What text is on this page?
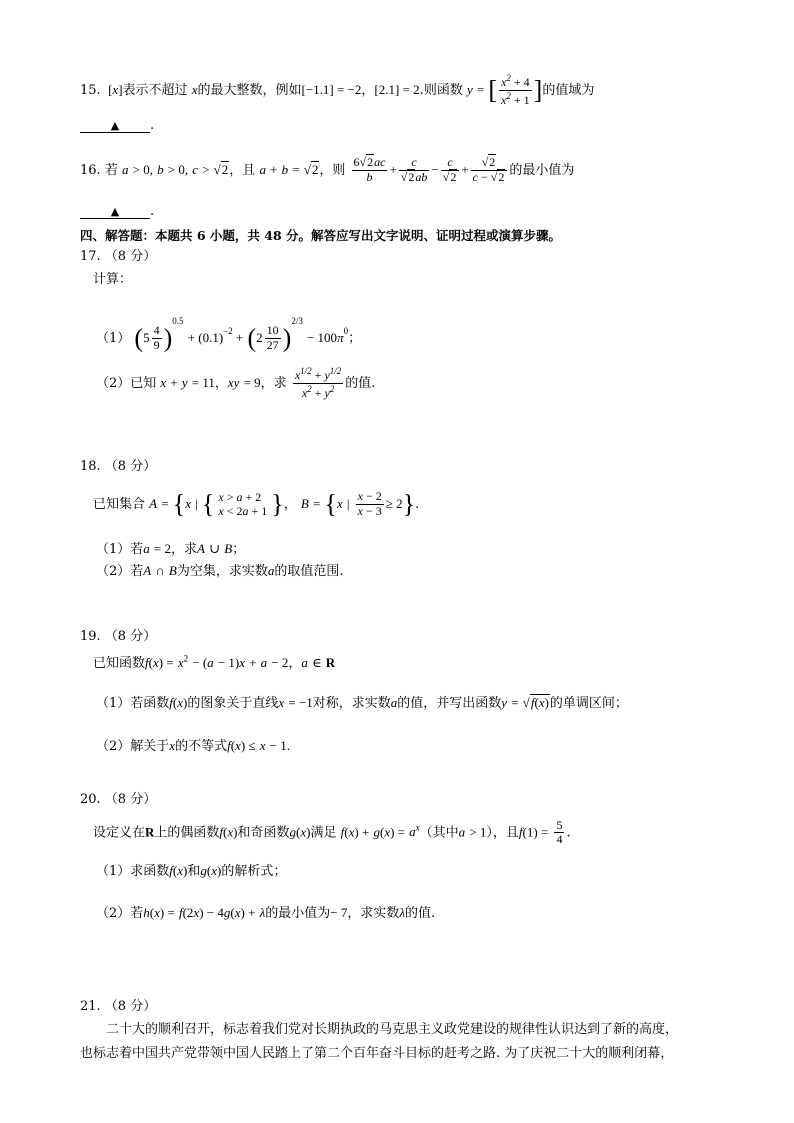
15.  [x]表示不超过 x的最大整数，例如[−1.1] = −2，[2.1] = 2.则函数 y = [ $\frac{x^2 + 4}{x^2 + 1}$ ]的值域为
▲ .
16. 若 a > 0, b > 0, c > √2，且 a + b = √2，则 $\frac{6√2ac}{b} + \frac{c}{√2ab} - \frac{c}{√2} + \frac{√2}{c - √2}$ 的最小值为
▲ .
四、解答题：本题共 6 小题，共 48 分。解答应写出文字说明、证明过程或演算步骤。
17. （8 分）
计算：
（1） $(5 \frac{4}{9} )^{0.5} + (0.1)^{-2} + (2 \frac{10}{27} )^{2/3} - 100\pi^0$；
（2）已知 x + y = 11，xy = 9，求 $\frac{x^{1/2} + y^{1/2}}{x^2 + y^2}$ 的值.
18. （8 分）
已知集合 A = {x | { x > a + 2
x < 2a + 1 }， B = {x | $\frac{x - 2}{x - 3} \ge 2$}.
（1）若a = 2，求A ∪ B；
（2）若A ∩ B为空集，求实数a的取值范围.
19. （8 分）
已知函数$f(x) = x^2 - (a - 1)x + a - 2$，a ∈ R
（1）若函数f(x)的图象关于直线x = −1对称，求实数a的值，并写出函数y = √f(x)的单调区间；
（2）解关于x的不等式f(x) ≤ x − 1.
20. （8 分）
设定义在R上的偶函数f(x)和奇函数g(x)满足 $f(x) + g(x) = a^x$（其中a > 1），且$f(1) = \frac{5}{4}$ .
（1）求函数f(x)和g(x)的解析式；
（2）若h(x) = f(2x) − 4g(x) + λ的最小值为− 7，求实数λ的值.
21. （8 分）
二十大的顺利召开，标志着我们党对长期执政的马克思主义政党建设的规律性认识达到了新的高度，
也标志着中国共产党带领中国人民踏上了第二个百年奋斗目标的赶考之路. 为了庆祝二十大的顺利闭幕，
